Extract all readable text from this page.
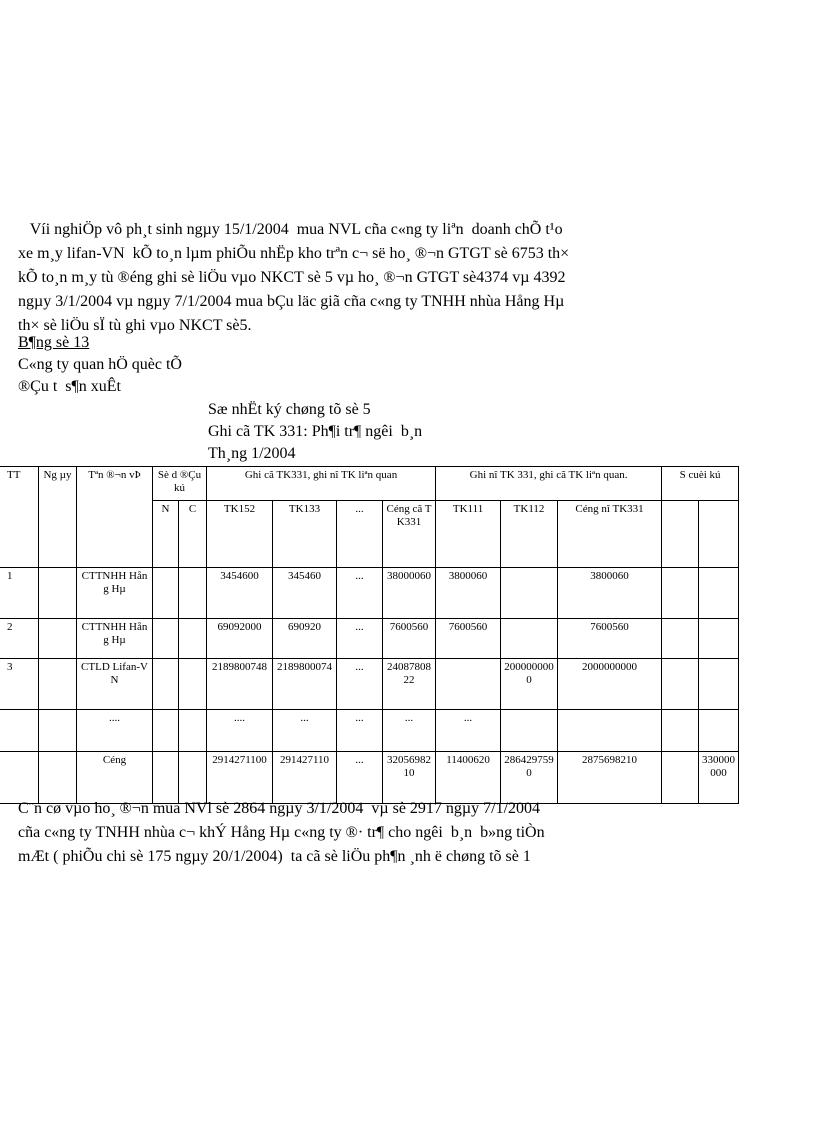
Víi nghiÖp vô ph¸t sinh ngµy 15/1/2004  mua NVL cña c«ng ty liªn  doanh chÕ t¹o
xe m¸y lifan-VN  kÕ to¸n lµm phiÕu nhËp kho trªn c¬ së ho¸ ®¬n GTGT sè 6753 th×
kÕ to¸n m¸y tù ®éng ghi sè liÖu vµo NKCT sè 5 vµ ho¸ ®¬n GTGT sè4374 vµ 4392
ngµy 3/1/2004 vµ ngµy 7/1/2004 mua bÇu läc giã cña c«ng ty TNHH nhùa Hång Hµ
th× sè liÖu sÏ tù ghi vµo NKCT sè5.
B¶ng sè 13
C«ng ty quan hÖ quèc tÕ
®Çu t  s¶n xuÊt
Sæ nhËt ký chøng tõ sè 5
Ghi cã TK 331: Ph¶i tr¶ ngêi  b¸n
Th¸ng 1/2004
TT	Ng µy	Tªn ®¬n vÞ	Sè d ®Çu kú		Ghi cã TK331, ghi nî TK liªn quan				Ghi nî TK 331, ghi cã TK liªn quan.			S cuèi kú	
			N	C	TK152	TK133	...	Céng cã TK331	TK111	TK112	Céng nî TK331		
1		CTTNHH Hång Hµ			3454600	345460	...	38000060	3800060		3800060		
2		CTTNHH Hång Hµ			69092000	690920	...	7600560	7600560		7600560		
3		CTLD Lifan-VN			2189800748	2189800074	...	2408780822		2000000000	2000000000		
		....			....	...	...	...	...				
		Céng			2914271100	291427110	...	3205698210	11400620	2864297590	2875698210		330000000
C¨n cø vµo ho¸ ®¬n mua NVl sè 2864 ngµy 3/1/2004  vµ sè 2917 ngµy 7/1/2004
cña c«ng ty TNHH nhùa c¬ khÝ Hång Hµ c«ng ty ®· tr¶ cho ngêi  b¸n  b»ng tiÒn
mÆt ( phiÕu chi sè 175 ngµy 20/1/2004)  ta cã sè liÖu ph¶n ¸nh ë chøng tõ sè 1
